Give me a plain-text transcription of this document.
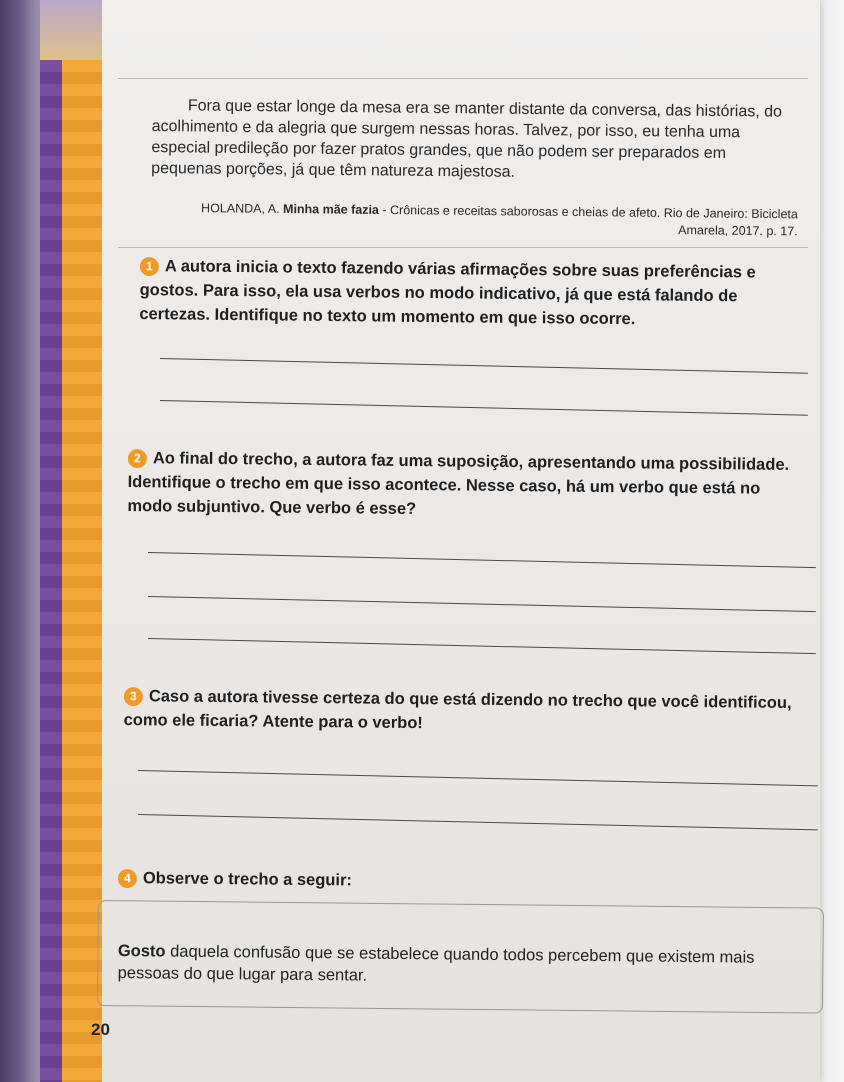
Fora que estar longe da mesa era se manter distante da conversa, das histórias, do acolhimento e da alegria que surgem nessas horas. Talvez, por isso, eu tenha uma especial predileção por fazer pratos grandes, que não podem ser preparados em pequenas porções, já que têm natureza majestosa.
HOLANDA, A. Minha mãe fazia - Crônicas e receitas saborosas e cheias de afeto. Rio de Janeiro: Bicicleta Amarela, 2017. p. 17.
1 A autora inicia o texto fazendo várias afirmações sobre suas preferências e gostos. Para isso, ela usa verbos no modo indicativo, já que está falando de certezas. Identifique no texto um momento em que isso ocorre.
2 Ao final do trecho, a autora faz uma suposição, apresentando uma possibilidade. Identifique o trecho em que isso acontece. Nesse caso, há um verbo que está no modo subjuntivo. Que verbo é esse?
3 Caso a autora tivesse certeza do que está dizendo no trecho que você identificou, como ele ficaria? Atente para o verbo!
4 Observe o trecho a seguir:
Gosto daquela confusão que se estabelece quando todos percebem que existem mais pessoas do que lugar para sentar.
20
